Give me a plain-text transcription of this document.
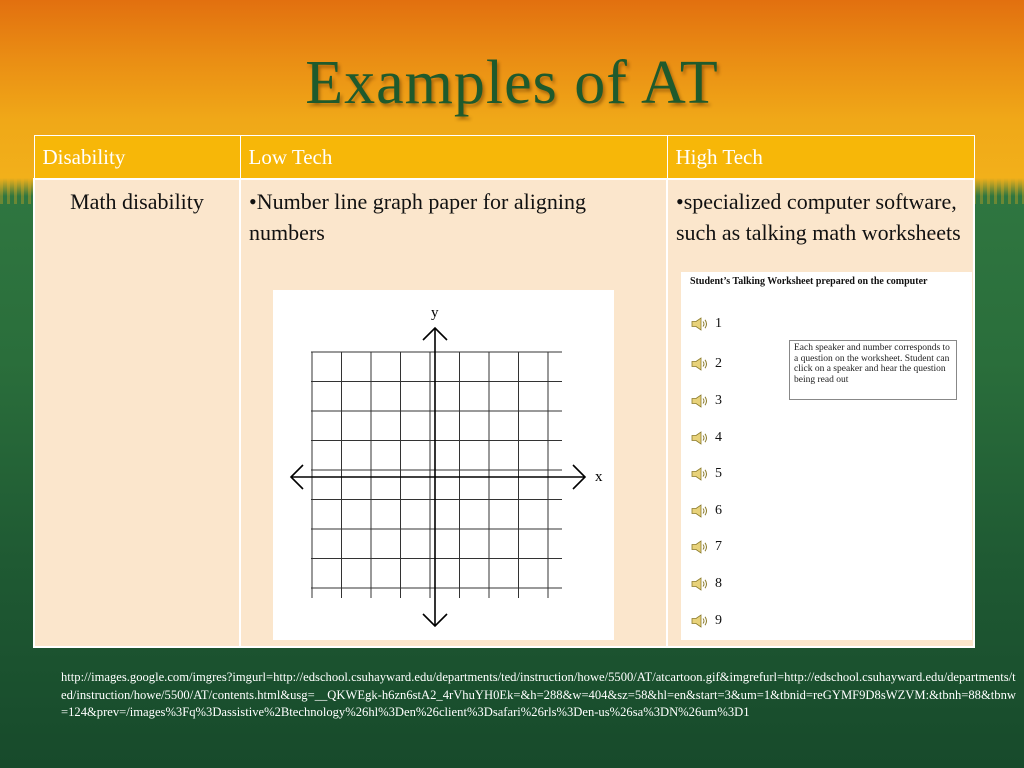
Examples of AT
Disability	Low Tech	High Tech
Math disability	•Number line graph paper for aligning numbers	•specialized computer software, such as talking math worksheets
x
y
Student’s Talking Worksheet prepared on the computer
Each speaker and number corresponds to a question on the worksheet. Student can click on a speaker and hear the question being read out
1
2
3
4
5
6
7
8
9
http://images.google.com/imgres?imgurl=http://edschool.csuhayward.edu/departments/ted/instruction/howe/5500/AT/atcartoon.gif&imgrefurl=http://edschool.csuhayward.edu/departments/ted/instruction/howe/5500/AT/contents.html&usg=__QKWEgk-h6zn6stA2_4rVhuYH0Ek=&h=288&w=404&sz=58&hl=en&start=3&um=1&tbnid=reGYMF9D8sWZVM:&tbnh=88&tbnw=124&prev=/images%3Fq%3Dassistive%2Btechnology%26hl%3Den%26client%3Dsafari%26rls%3Den-us%26sa%3DN%26um%3D1
